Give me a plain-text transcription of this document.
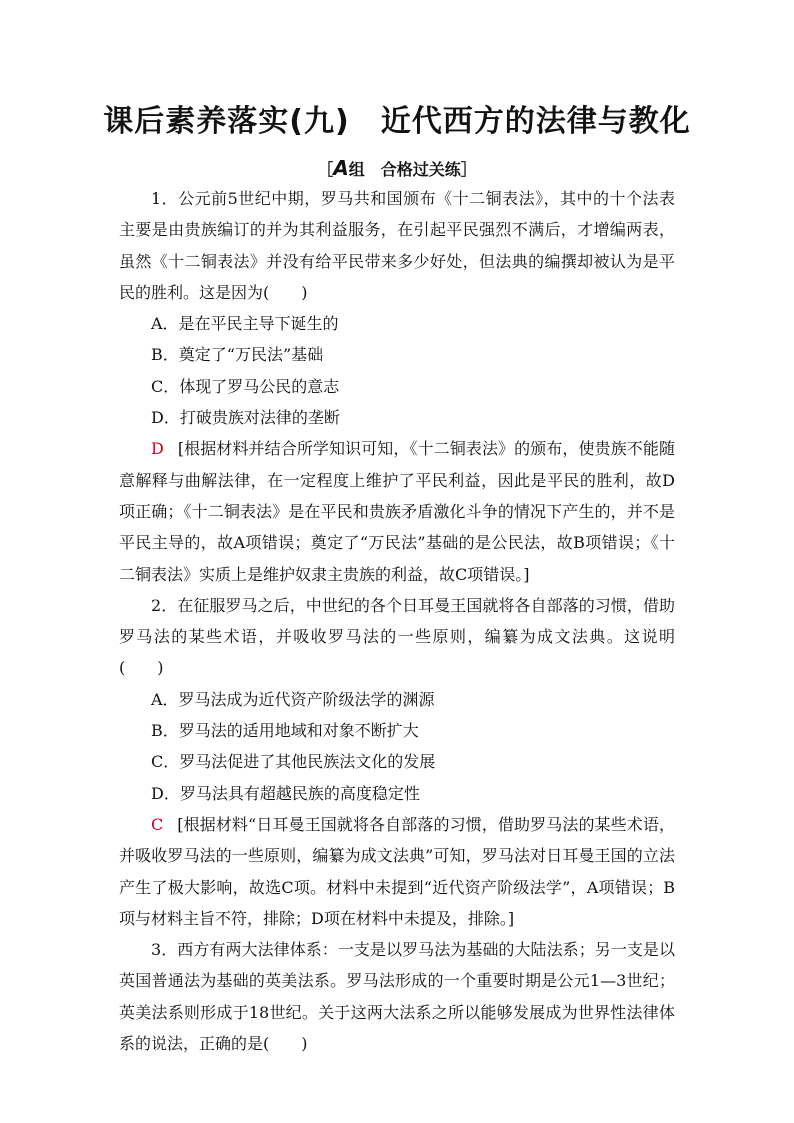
课后素养落实(九)　近代西方的法律与教化
［A组　合格过关练］

1．公元前5世纪中期，罗马共和国颁布《十二铜表法》，其中的十个法表主要是由贵族编订的并为其利益服务，在引起平民强烈不满后，才增编两表，虽然《十二铜表法》并没有给平民带来多少好处，但法典的编撰却被认为是平民的胜利。这是因为(　　)

A．是在平民主导下诞生的

B．奠定了“万民法”基础

C．体现了罗马公民的意志

D．打破贵族对法律的垄断

D [根据材料并结合所学知识可知，《十二铜表法》的颁布，使贵族不能随意解释与曲解法律，在一定程度上维护了平民利益，因此是平民的胜利，故D项正确；《十二铜表法》是在平民和贵族矛盾激化斗争的情况下产生的，并不是平民主导的，故A项错误；奠定了“万民法”基础的是公民法，故B项错误；《十二铜表法》实质上是维护奴隶主贵族的利益，故C项错误。]

2．在征服罗马之后，中世纪的各个日耳曼王国就将各自部落的习惯，借助罗马法的某些术语，并吸收罗马法的一些原则，编纂为成文法典。这说明(　　)

A．罗马法成为近代资产阶级法学的渊源

B．罗马法的适用地域和对象不断扩大

C．罗马法促进了其他民族法文化的发展

D．罗马法具有超越民族的高度稳定性

C [根据材料“日耳曼王国就将各自部落的习惯，借助罗马法的某些术语，并吸收罗马法的一些原则，编纂为成文法典”可知，罗马法对日耳曼王国的立法产生了极大影响，故选C项。材料中未提到“近代资产阶级法学”，A项错误；B项与材料主旨不符，排除；D项在材料中未提及，排除。]

3．西方有两大法律体系：一支是以罗马法为基础的大陆法系；另一支是以英国普通法为基础的英美法系。罗马法形成的一个重要时期是公元1—3世纪；英美法系则形成于18世纪。关于这两大法系之所以能够发展成为世界性法律体系的说法，正确的是(　　)
